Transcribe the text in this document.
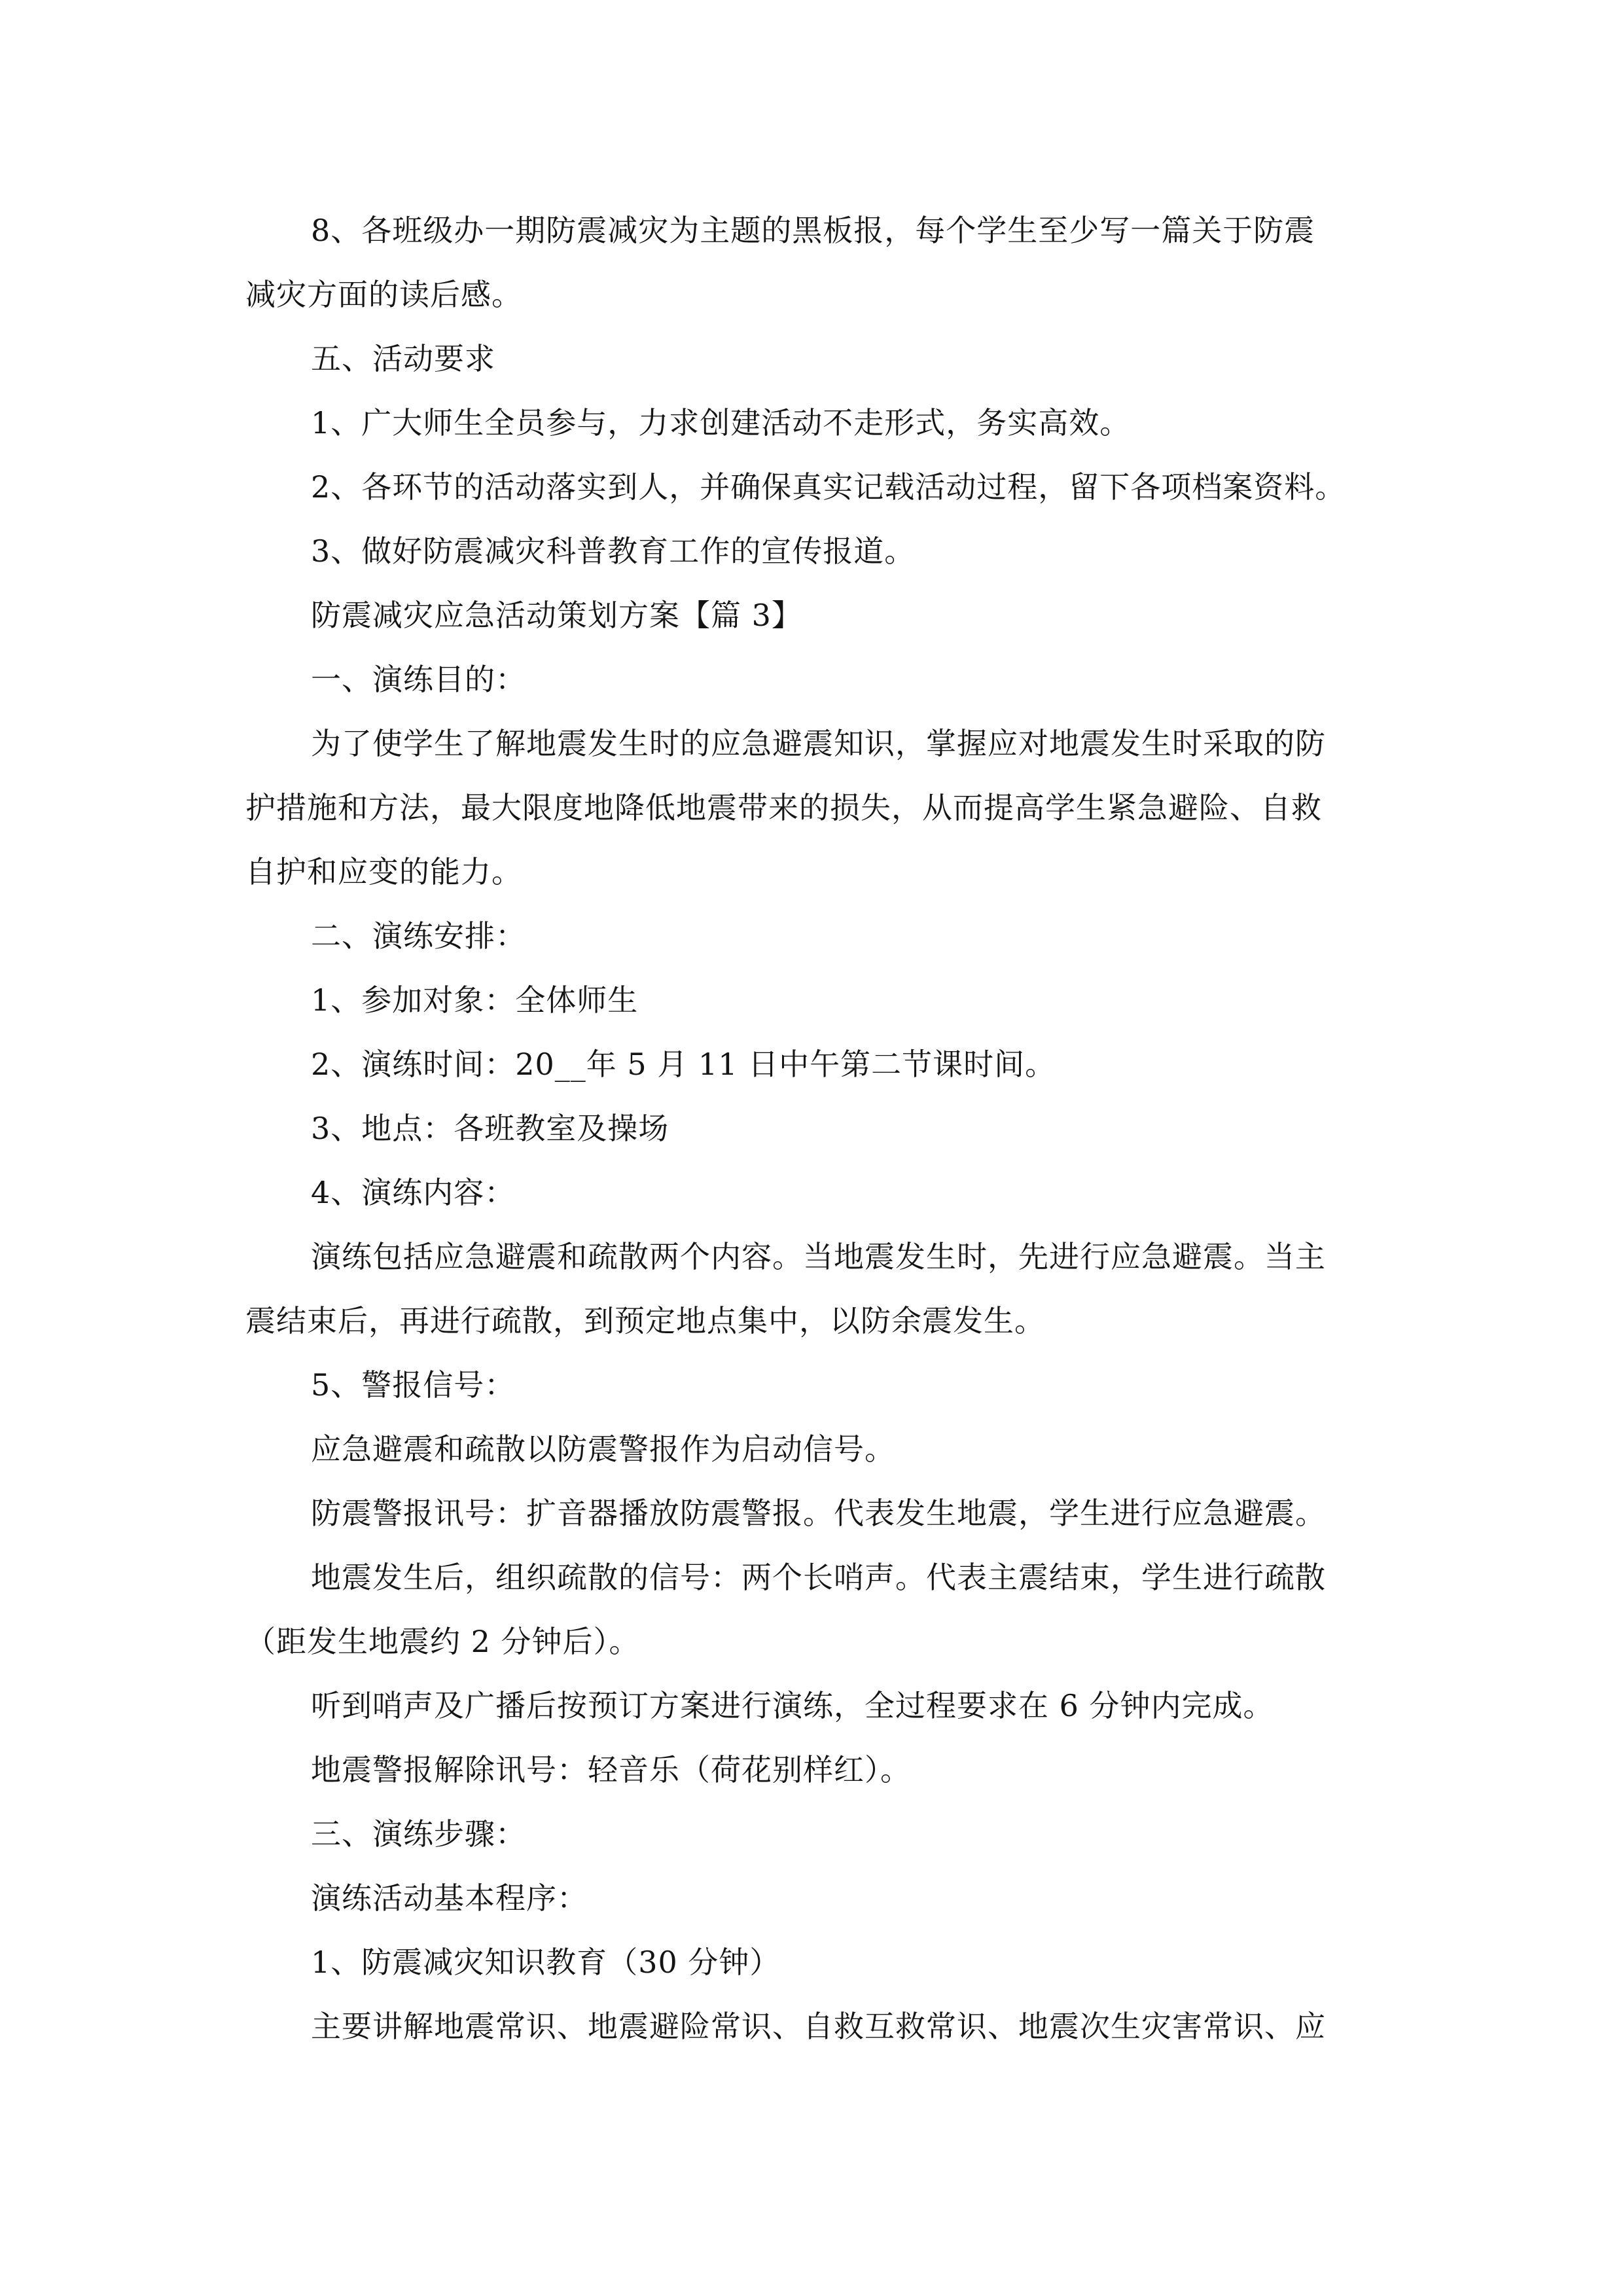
8、各班级办一期防震减灾为主题的黑板报，每个学生至少写一篇关于防震
减灾方面的读后感。
五、活动要求
1、广大师生全员参与，力求创建活动不走形式，务实高效。
2、各环节的活动落实到人，并确保真实记载活动过程，留下各项档案资料。
3、做好防震减灾科普教育工作的宣传报道。
防震减灾应急活动策划方案【篇 3】
一、演练目的：
为了使学生了解地震发生时的应急避震知识，掌握应对地震发生时采取的防
护措施和方法，最大限度地降低地震带来的损失，从而提高学生紧急避险、自救
自护和应变的能力。
二、演练安排：
1、参加对象：全体师生
2、演练时间：20__年 5 月 11 日中午第二节课时间。
3、地点：各班教室及操场
4、演练内容：
演练包括应急避震和疏散两个内容。当地震发生时，先进行应急避震。当主
震结束后，再进行疏散，到预定地点集中，以防余震发生。
5、警报信号：
应急避震和疏散以防震警报作为启动信号。
防震警报讯号：扩音器播放防震警报。代表发生地震，学生进行应急避震。
地震发生后，组织疏散的信号：两个长哨声。代表主震结束，学生进行疏散
（距发生地震约 2 分钟后）。
听到哨声及广播后按预订方案进行演练，全过程要求在 6 分钟内完成。
地震警报解除讯号：轻音乐（荷花别样红）。
三、演练步骤：
演练活动基本程序：
1、防震减灾知识教育（30 分钟）
主要讲解地震常识、地震避险常识、自救互救常识、地震次生灾害常识、应
